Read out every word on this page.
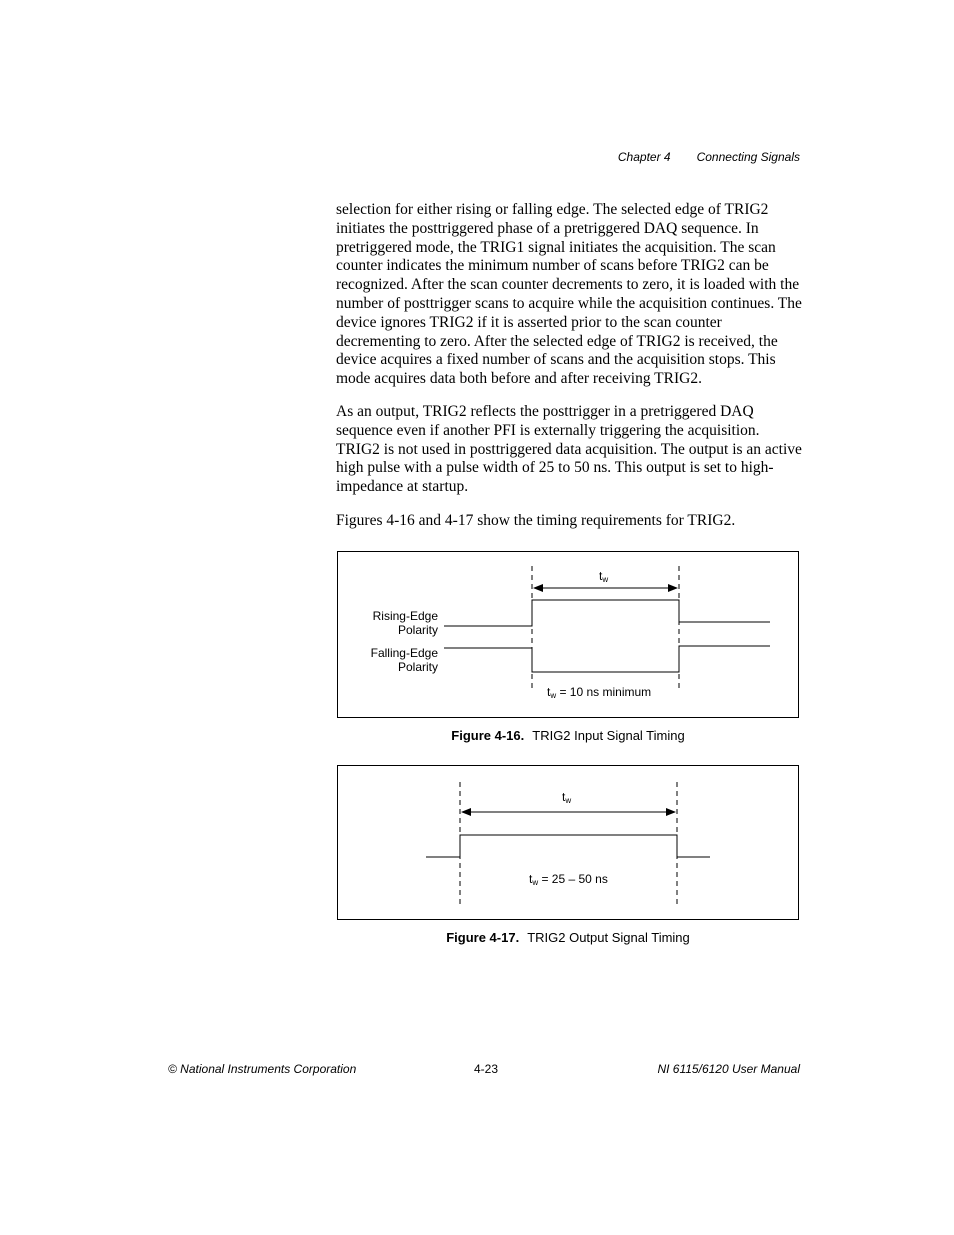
Chapter 4 Connecting Signals

selection for either rising or falling edge. The selected edge of TRIG2 initiates the posttriggered phase of a pretriggered DAQ sequence. In pretriggered mode, the TRIG1 signal initiates the acquisition. The scan counter indicates the minimum number of scans before TRIG2 can be recognized. After the scan counter decrements to zero, it is loaded with the number of posttrigger scans to acquire while the acquisition continues. The device ignores TRIG2 if it is asserted prior to the scan counter decrementing to zero. After the selected edge of TRIG2 is received, the device acquires a fixed number of scans and the acquisition stops. This mode acquires data both before and after receiving TRIG2.

As an output, TRIG2 reflects the posttrigger in a pretriggered DAQ sequence even if another PFI is externally triggering the acquisition. TRIG2 is not used in posttriggered data acquisition. The output is an active high pulse with a pulse width of 25 to 50 ns. This output is set to high-impedance at startup.

Figures 4-16 and 4-17 show the timing requirements for TRIG2.

$t_w$
Rising-Edge
Polarity
Falling-Edge
Polarity
$t_w = 10$ ns minimum
Figure 4-16. TRIG2 Input Signal Timing
$t_w$
$t_w = 25 - 50$ ns
Figure 4-17. TRIG2 Output Signal Timing
© National Instruments Corporation	4-23	NI 6115/6120 User Manual
